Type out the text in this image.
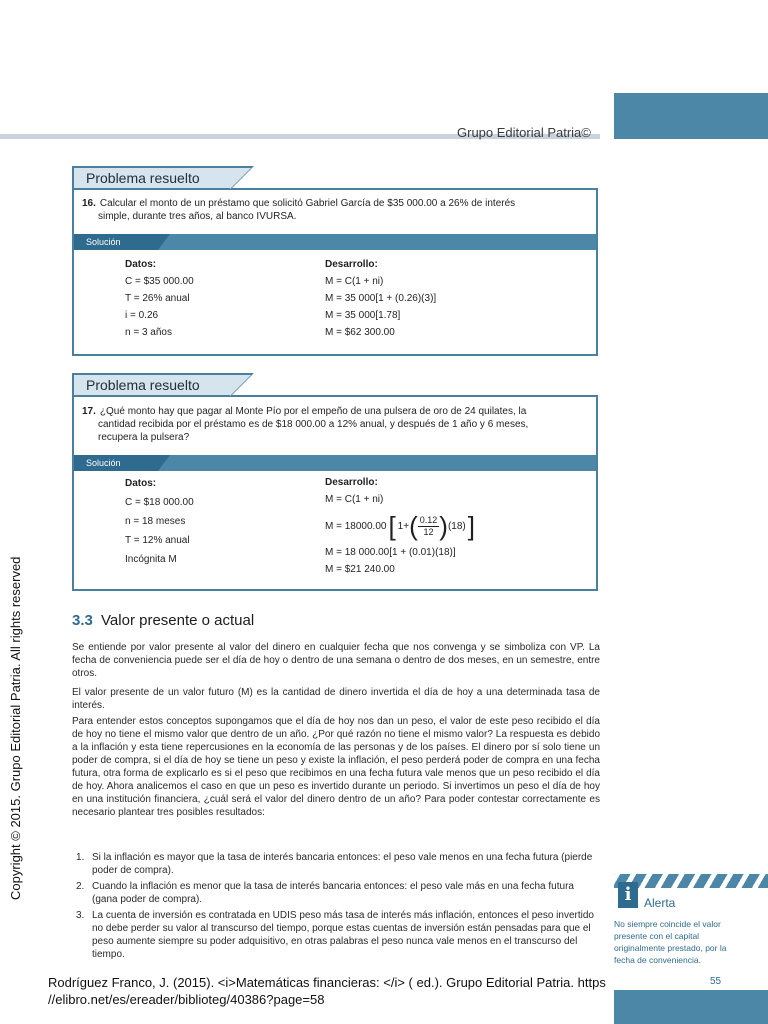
Grupo Editorial Patria©
Problema resuelto
16. Calcular el monto de un préstamo que solicitó Gabriel García de $35 000.00 a 26% de interés
simple, durante tres años, al banco IVURSA.
Solución
Datos:
C = $35 000.00
T = 26% anual
i = 0.26
n = 3 años
Desarrollo:
M = C(1 + ni)
M = 35 000[1 + (0.26)(3)]
M = 35 000[1.78]
M = $62 300.00
Problema resuelto
17. ¿Qué monto hay que pagar al Monte Pío por el empeño de una pulsera de oro de 24 quilates, la
cantidad recibida por el préstamo es de $18 000.00 a 12% anual, y después de 1 año y 6 meses,
recupera la pulsera?
Solución
Datos:
C = $18 000.00
n = 18 meses
T = 12% anual
Incógnita M
Desarrollo:
M = C(1 + ni)
M = 18000.00 [ 1+ ( $\frac{0.12}{12}$ ) (18) ]
M = 18 000.00[1 + (0.01)(18)]
M = $21 240.00
Copyright © 2015. Grupo Editorial Patria. All rights reserved	3.3 Valor presente o actual
Se entiende por valor presente al valor del dinero en cualquier fecha que nos convenga y se simboliza con VP. La fecha de conveniencia puede ser el día de hoy o dentro de una semana o dentro de dos meses, en un semestre, entre otros.
El valor presente de un valor futuro (M) es la cantidad de dinero invertida el día de hoy a una determinada tasa de interés.
Para entender estos conceptos supongamos que el día de hoy nos dan un peso, el valor de este peso recibido el día de hoy no tiene el mismo valor que dentro de un año. ¿Por qué razón no tiene el mismo valor? La respuesta es debido a la inflación y esta tiene repercusiones en la economía de las personas y de los países. El dinero por sí solo tiene un poder de compra, si el día de hoy se tiene un peso y existe la inflación, el peso perderá poder de compra en una fecha futura, otra forma de explicarlo es si el peso que recibimos en una fecha futura vale menos que un peso recibido el día de hoy. Ahora analicemos el caso en que un peso es invertido durante un periodo. Si invertimos un peso el día de hoy en una institución financiera, ¿cuál será el valor del dinero dentro de un año? Para poder contestar correctamente es necesario plantear tres posibles resultados:
1. Si la inflación es mayor que la tasa de interés bancaria entonces: el peso vale menos en una fecha futura (pierde poder de compra).
2. Cuando la inflación es menor que la tasa de interés bancaria entonces: el peso vale más en una fecha futura (gana poder de compra).
3. La cuenta de inversión es contratada en UDIS peso más tasa de interés más inflación, entonces el peso invertido no debe perder su valor al transcurso del tiempo, porque estas cuentas de inversión están pensadas para que el peso aumente siempre su poder adquisitivo, en otras palabras el peso nunca vale menos en el transcurso del tiempo.
i	Alerta
No siempre coincide el valor presente con el capital originalmente prestado, por la fecha de conveniencia.
Rodríguez Franco, J. (2015). <i>Matemáticas financieras: </i> ( ed.). Grupo Editorial Patria. https
//elibro.net/es/ereader/biblioteg/40386?page=58
55
